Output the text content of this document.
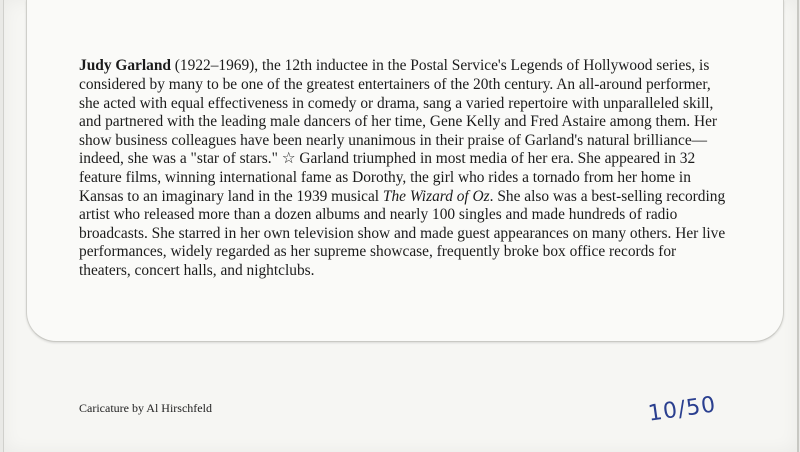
Judy Garland (1922–1969), the 12th inductee in the Postal Service's Legends of Hollywood series, is considered by many to be one of the greatest entertainers of the 20th century. An all-around performer, she acted with equal effectiveness in comedy or drama, sang a varied repertoire with unparalleled skill, and partnered with the leading male dancers of her time, Gene Kelly and Fred Astaire among them. Her show business colleagues have been nearly unanimous in their praise of Garland's natural brilliance—indeed, she was a "star of stars." ☆ Garland triumphed in most media of her era. She appeared in 32 feature films, winning international fame as Dorothy, the girl who rides a tornado from her home in Kansas to an imaginary land in the 1939 musical The Wizard of Oz. She also was a best-selling recording artist who released more than a dozen albums and nearly 100 singles and made hundreds of radio broadcasts. She starred in her own television show and made guest appearances on many others. Her live performances, widely regarded as her supreme showcase, frequently broke box office records for theaters, concert halls, and nightclubs.

Caricature by Al Hirschfeld	10/50
